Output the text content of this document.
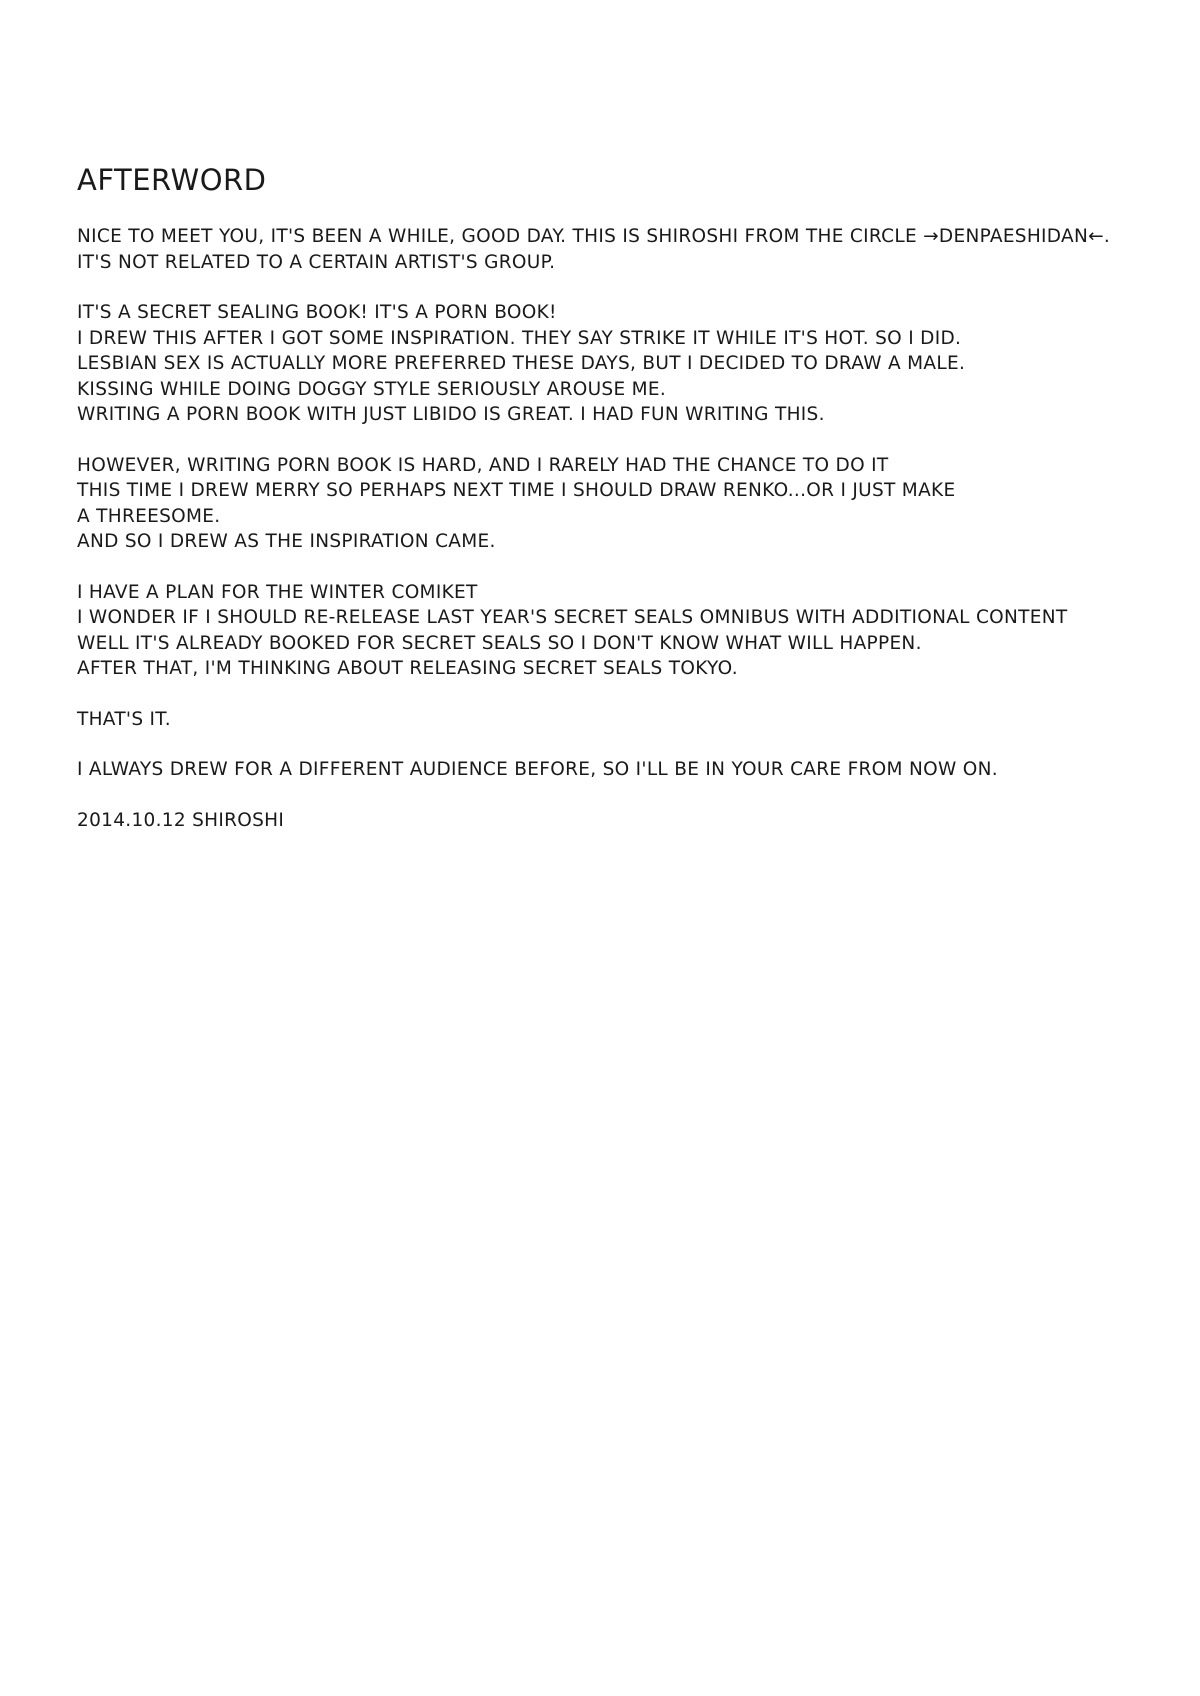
AFTERWORD
NICE TO MEET YOU, IT'S BEEN A WHILE, GOOD DAY. THIS IS SHIROSHI FROM THE CIRCLE →DENPAESHIDAN←.
IT'S NOT RELATED TO A CERTAIN ARTIST'S GROUP.
IT'S A SECRET SEALING BOOK! IT'S A PORN BOOK!
I DREW THIS AFTER I GOT SOME INSPIRATION. THEY SAY STRIKE IT WHILE IT'S HOT. SO I DID.
LESBIAN SEX IS ACTUALLY MORE PREFERRED THESE DAYS, BUT I DECIDED TO DRAW A MALE.
KISSING WHILE DOING DOGGY STYLE SERIOUSLY AROUSE ME.
WRITING A PORN BOOK WITH JUST LIBIDO IS GREAT. I HAD FUN WRITING THIS.
HOWEVER, WRITING PORN BOOK IS HARD, AND I RARELY HAD THE CHANCE TO DO IT
THIS TIME I DREW MERRY SO PERHAPS NEXT TIME I SHOULD DRAW RENKO...OR I JUST MAKE
A THREESOME.
AND SO I DREW AS THE INSPIRATION CAME.
I HAVE A PLAN FOR THE WINTER COMIKET
I WONDER IF I SHOULD RE-RELEASE LAST YEAR'S SECRET SEALS OMNIBUS WITH ADDITIONAL CONTENT
WELL IT'S ALREADY BOOKED FOR SECRET SEALS SO I DON'T KNOW WHAT WILL HAPPEN.
AFTER THAT, I'M THINKING ABOUT RELEASING SECRET SEALS TOKYO.
THAT'S IT.
I ALWAYS DREW FOR A DIFFERENT AUDIENCE BEFORE, SO I'LL BE IN YOUR CARE FROM NOW ON.
2014.10.12 SHIROSHI
